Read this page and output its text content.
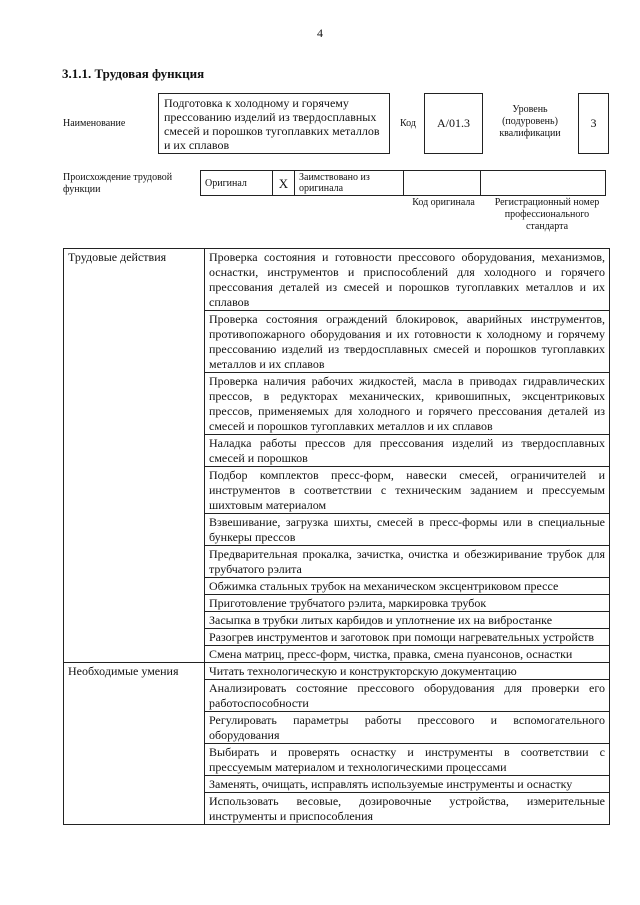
4
3.1.1. Трудовая функция
Наименование
Подготовка к холодному и горячему прессованию изделий из твердосплавных смесей и порошков тугоплавких металлов и их сплавов
Код	A/01.3
Уровень (подуровень) квалификации
3
Происхождение трудовой функции
Оригинал	X	Заимствовано из оригинала		
Код оригинала	Регистрационный номер профессионального стандарта
Трудовые действия	Проверка состояния и готовности прессового оборудования, механизмов, оснастки, инструментов и приспособлений для холодного и горячего прессования деталей из смесей и порошков тугоплавких металлов и их сплавов
	Проверка состояния ограждений блокировок, аварийных инструментов, противопожарного оборудования и их готовности к холодному и горячему прессованию изделий из твердосплавных смесей и порошков тугоплавких металлов и их сплавов
	Проверка наличия рабочих жидкостей, масла в приводах гидравлических прессов, в редукторах механических, кривошипных, эксцентриковых прессов, применяемых для холодного и горячего прессования деталей из смесей и порошков тугоплавких металлов и их сплавов
	Наладка работы прессов для прессования изделий из твердосплавных смесей и порошков
	Подбор комплектов пресс-форм, навески смесей, ограничителей и инструментов в соответствии с техническим заданием и прессуемым шихтовым материалом
	Взвешивание, загрузка шихты, смесей в пресс-формы или в специальные бункеры прессов
	Предварительная прокалка, зачистка, очистка и обезжиривание трубок для трубчатого рэлита
	Обжимка стальных трубок на механическом эксцентриковом прессе
	Приготовление трубчатого рэлита, маркировка трубок
	Засыпка в трубки литых карбидов и уплотнение их на вибростанке
	Разогрев инструментов и заготовок при помощи нагревательных устройств
	Смена матриц, пресс-форм, чистка, правка, смена пуансонов, оснастки
Необходимые умения	Читать технологическую и конструкторскую документацию
	Анализировать состояние прессового оборудования для проверки его работоспособности
	Регулировать параметры работы прессового и вспомогательного оборудования
	Выбирать и проверять оснастку и инструменты в соответствии с прессуемым материалом и технологическими процессами
	Заменять, очищать, исправлять используемые инструменты и оснастку
	Использовать весовые, дозировочные устройства, измерительные инструменты и приспособления
